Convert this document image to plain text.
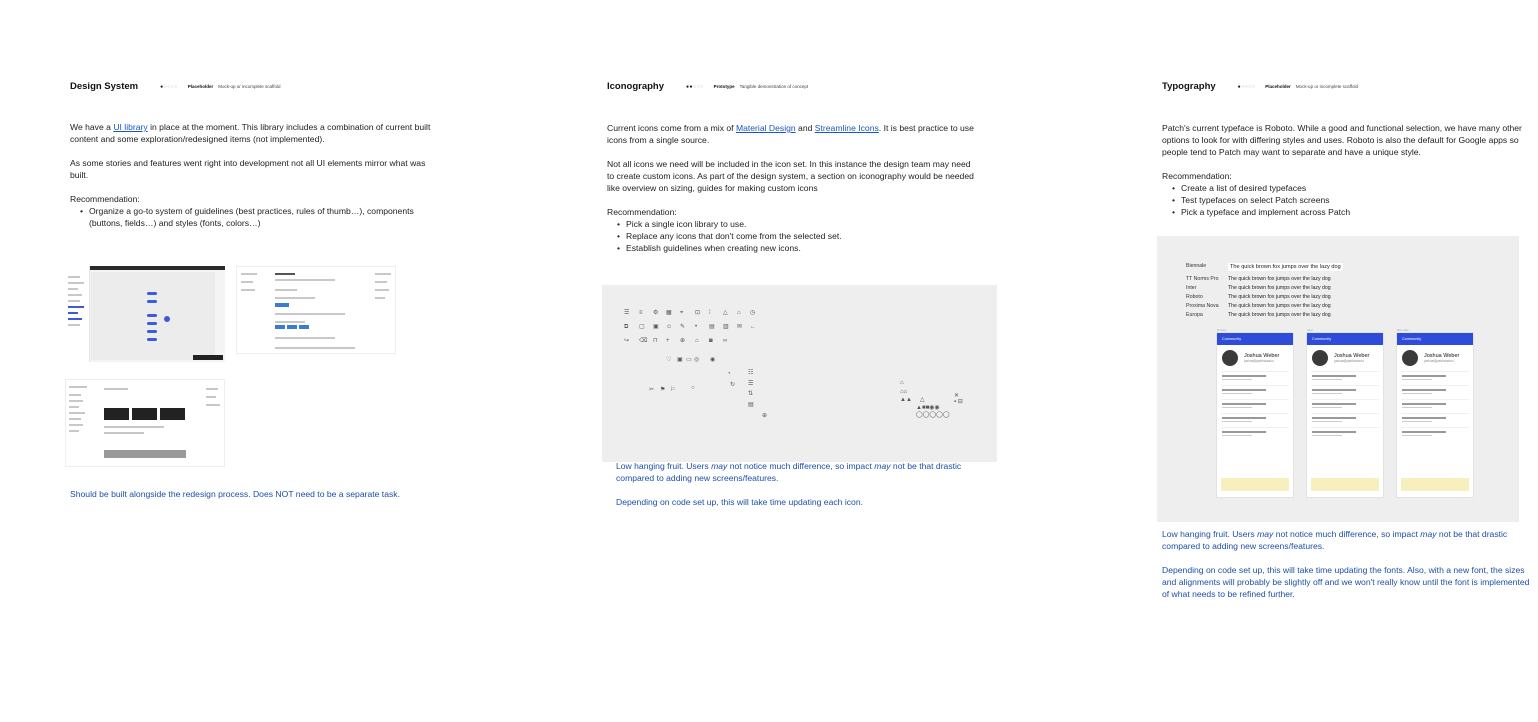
Design System	●○○○○ Placeholder Mock-up or incomplete scaffold

We have a UI library in place at the moment. This library includes a combination of current built content and some exploration/redesigned items (not implemented).

As some stories and features went right into development not all UI elements mirror what was built.

Recommendation:
• Organize a go-to system of guidelines (best practices, rules of thumb…), components (buttons, fields…) and styles (fonts, colors…)
Should be built alongside the redesign process. Does NOT need to be a separate task.
Iconography	●●○○○ Prototype Tangible demonstration of concept

Current icons come from a mix of Material Design and Streamline Icons. It is best practice to use icons from a single source.

Not all icons we need will be included in the icon set. In this instance the design team may need to create custom icons. As part of the design system, a section on iconography would be needed like overview on sizing, guides for making custom icons

Recommendation:
• Pick a single icon library to use.
• Replace any icons that don't come from the selected set.
• Establish guidelines when creating new icons.
☰ ≡ ⚙ ▦ ⌖ ⊡ ⁞ △ ⌂ ◷
⧉ ▢ ▣ ☺ ✎ • ▤ ▥ ✉ ←
↪ ⌫ ⊓ + ⊕ ⌂ ◙ ∞
♡ ▣ ▭ ◎ ◉
◔
↻
☷
☰
⇅
▤
⊕
✂ ⚑ ⚐	○
⌂
⌂⌂
▲▲ △
▲■■◉◉
◯◯◯◯◯
✕
▪ ⊟

Low hanging fruit. Users may not notice much difference, so impact may not be that drastic compared to adding new screens/features.

Depending on code set up, this will take time updating each icon.

Typography	●○○○○ Placeholder Mock-up or incomplete scaffold

Patch's current typeface is Roboto. While a good and functional selection, we have many other options to look for with differing styles and uses. Roboto is also the default for Google apps so people tend to Patch may want to separate and have a unique style.

Recommendation:
• Create a list of desired typefaces
• Test typefaces on select Patch screens
• Pick a typeface and implement across Patch
Biennale	The quick brown fox jumps over the lazy dog
TT Norms Pro	The quick brown fox jumps over the lazy dog
Inter	The quick brown fox jumps over the lazy dog
Roboto	The quick brown fox jumps over the lazy dog
Proxima Nova	The quick brown fox jumps over the lazy dog
Europa	The quick brown fox jumps over the lazy dog
Roboto
Community
Joshua Weber
joshua@patchdata.io
Inter
Community
Joshua Weber
joshua@patchdata.io
Biennale
Community
Joshua Weber
joshua@patchdata.io

Low hanging fruit. Users may not notice much difference, so impact may not be that drastic compared to adding new screens/features.

Depending on code set up, this will take time updating the fonts. Also, with a new font, the sizes and alignments will probably be slightly off and we won't really know until the font is implemented of what needs to be refined further.
